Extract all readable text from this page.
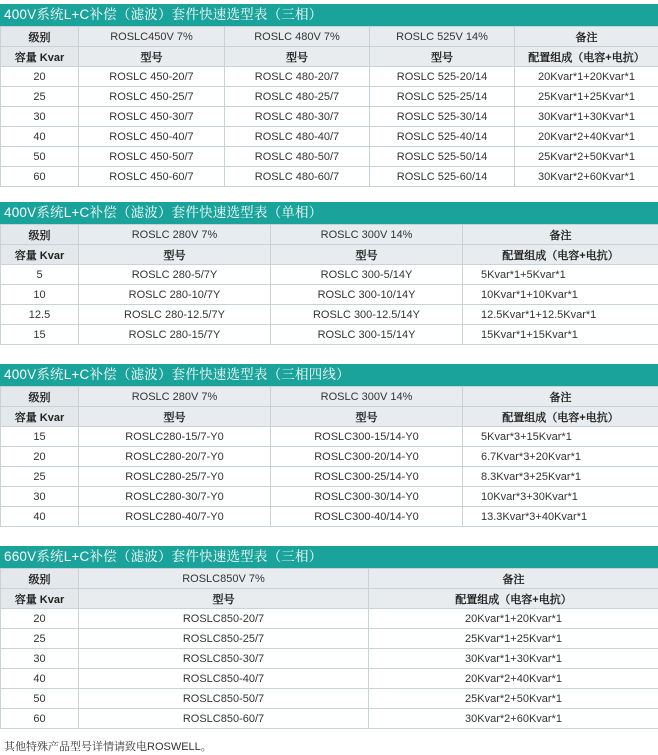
400V系统L+C补偿（滤波）套件快速选型表（三相）
级别	ROSLC450V 7%	ROSLC 480V 7%	ROSLC 525V 14%	备注
容量 Kvar	型号	型号	型号	配置组成（电容+电抗）
20	ROSLC 450-20/7	ROSLC 480-20/7	ROSLC 525-20/14	20Kvar*1+20Kvar*1
25	ROSLC 450-25/7	ROSLC 480-25/7	ROSLC 525-25/14	25Kvar*1+25Kvar*1
30	ROSLC 450-30/7	ROSLC 480-30/7	ROSLC 525-30/14	30Kvar*1+30Kvar*1
40	ROSLC 450-40/7	ROSLC 480-40/7	ROSLC 525-40/14	20Kvar*2+40Kvar*1
50	ROSLC 450-50/7	ROSLC 480-50/7	ROSLC 525-50/14	25Kvar*2+50Kvar*1
60	ROSLC 450-60/7	ROSLC 480-60/7	ROSLC 525-60/14	30Kvar*2+60Kvar*1
400V系统L+C补偿（滤波）套件快速选型表（单相）
级别	ROSLC 280V 7%	ROSLC 300V 14%	备注
容量 Kvar	型号	型号	配置组成（电容+电抗）
5	ROSLC 280-5/7Y	ROSLC 300-5/14Y	5Kvar*1+5Kvar*1
10	ROSLC 280-10/7Y	ROSLC 300-10/14Y	10Kvar*1+10Kvar*1
12.5	ROSLC 280-12.5/7Y	ROSLC 300-12.5/14Y	12.5Kvar*1+12.5Kvar*1
15	ROSLC 280-15/7Y	ROSLC 300-15/14Y	15Kvar*1+15Kvar*1
400V系统L+C补偿（滤波）套件快速选型表（三相四线）
级别	ROSLC 280V 7%	ROSLC 300V 14%	备注
容量 Kvar	型号	型号	配置组成（电容+电抗）
15	ROSLC280-15/7-Y0	ROSLC300-15/14-Y0	5Kvar*3+15Kvar*1
20	ROSLC280-20/7-Y0	ROSLC300-20/14-Y0	6.7Kvar*3+20Kvar*1
25	ROSLC280-25/7-Y0	ROSLC300-25/14-Y0	8.3Kvar*3+25Kvar*1
30	ROSLC280-30/7-Y0	ROSLC300-30/14-Y0	10Kvar*3+30Kvar*1
40	ROSLC280-40/7-Y0	ROSLC300-40/14-Y0	13.3Kvar*3+40Kvar*1
660V系统L+C补偿（滤波）套件快速选型表（三相）
级别	ROSLC850V 7%	备注
容量 Kvar	型号	配置组成（电容+电抗）
20	ROSLC850-20/7	20Kvar*1+20Kvar*1
25	ROSLC850-25/7	25Kvar*1+25Kvar*1
30	ROSLC850-30/7	30Kvar*1+30Kvar*1
40	ROSLC850-40/7	20Kvar*2+40Kvar*1
50	ROSLC850-50/7	25Kvar*2+50Kvar*1
60	ROSLC850-60/7	30Kvar*2+60Kvar*1
其他特殊产品型号详情请致电ROSWELL。
